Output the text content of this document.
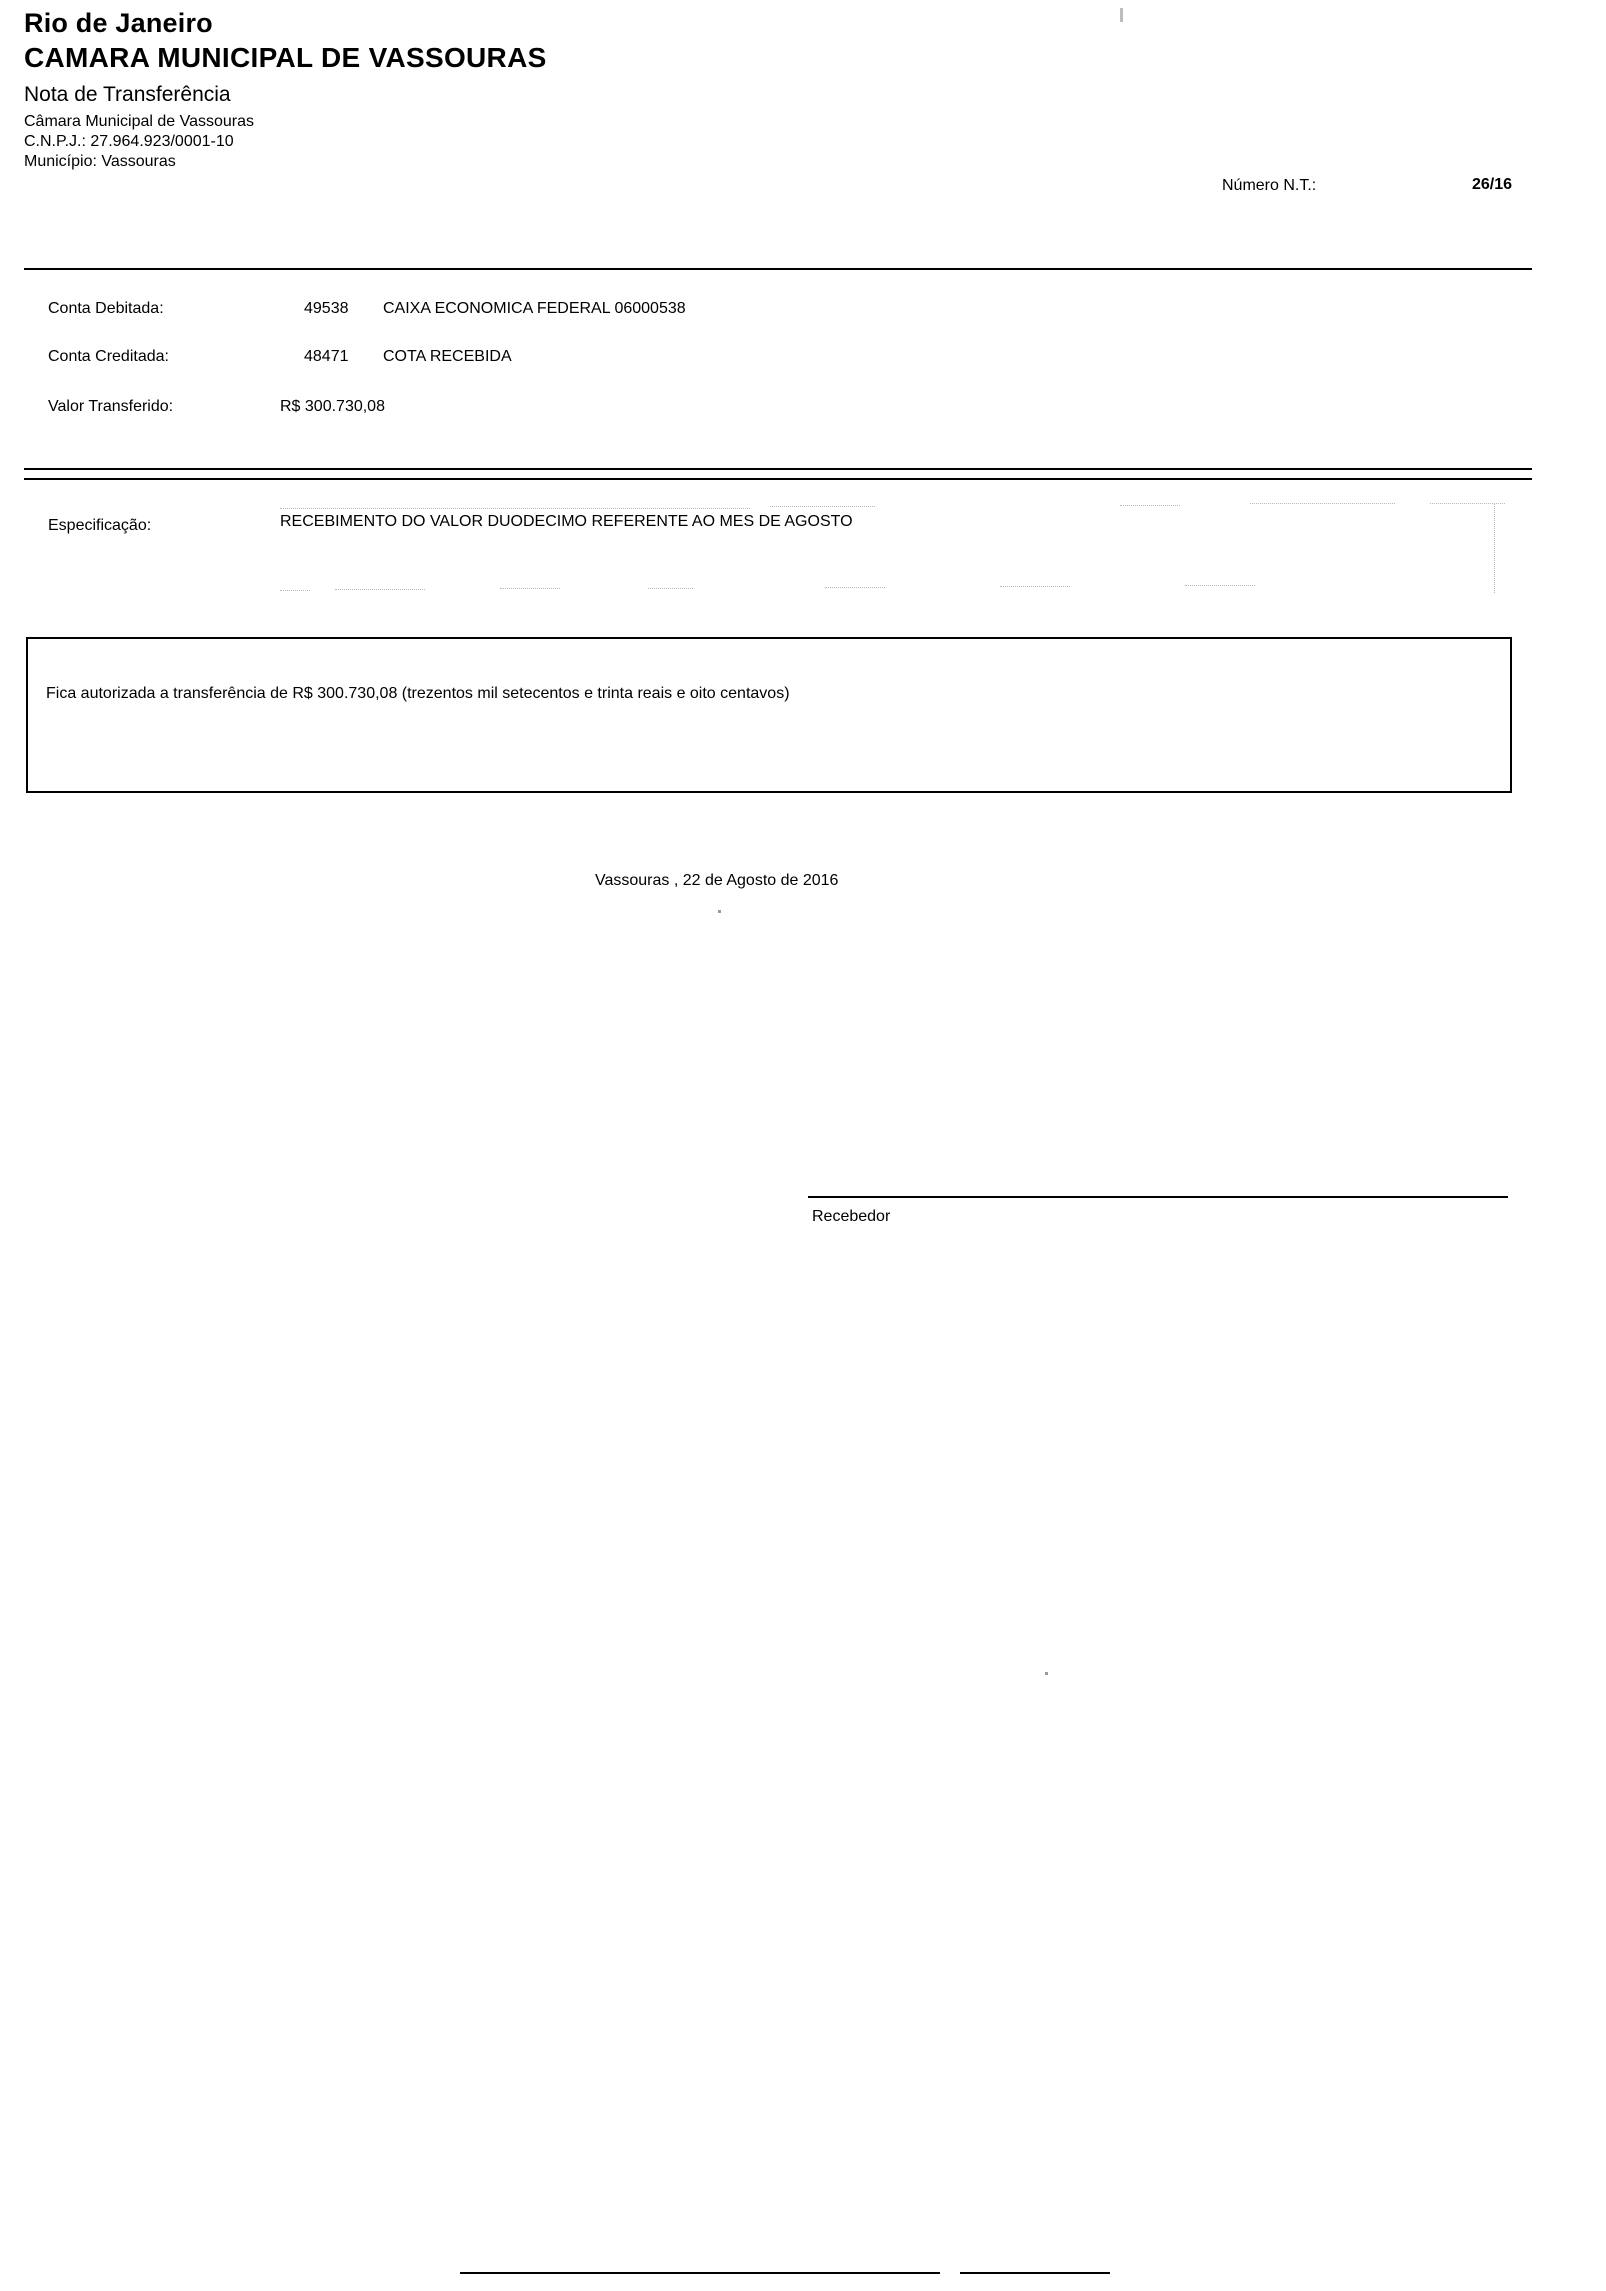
Rio de Janeiro
CAMARA MUNICIPAL DE VASSOURAS
Nota de Transferência
Câmara Municipal de Vassouras
C.N.P.J.: 27.964.923/0001-10
Município: Vassouras
Número N.T.:	26/16
Conta Debitada:	49538 CAIXA ECONOMICA FEDERAL 06000538
Conta Creditada:	48471 COTA RECEBIDA
Valor Transferido:	R$ 300.730,08
Especificação:	RECEBIMENTO DO VALOR DUODECIMO REFERENTE AO MES DE AGOSTO
Fica autorizada a transferência de R$ 300.730,08 (trezentos mil setecentos e trinta reais e oito centavos)
Vassouras , 22 de Agosto de 2016
Recebedor
